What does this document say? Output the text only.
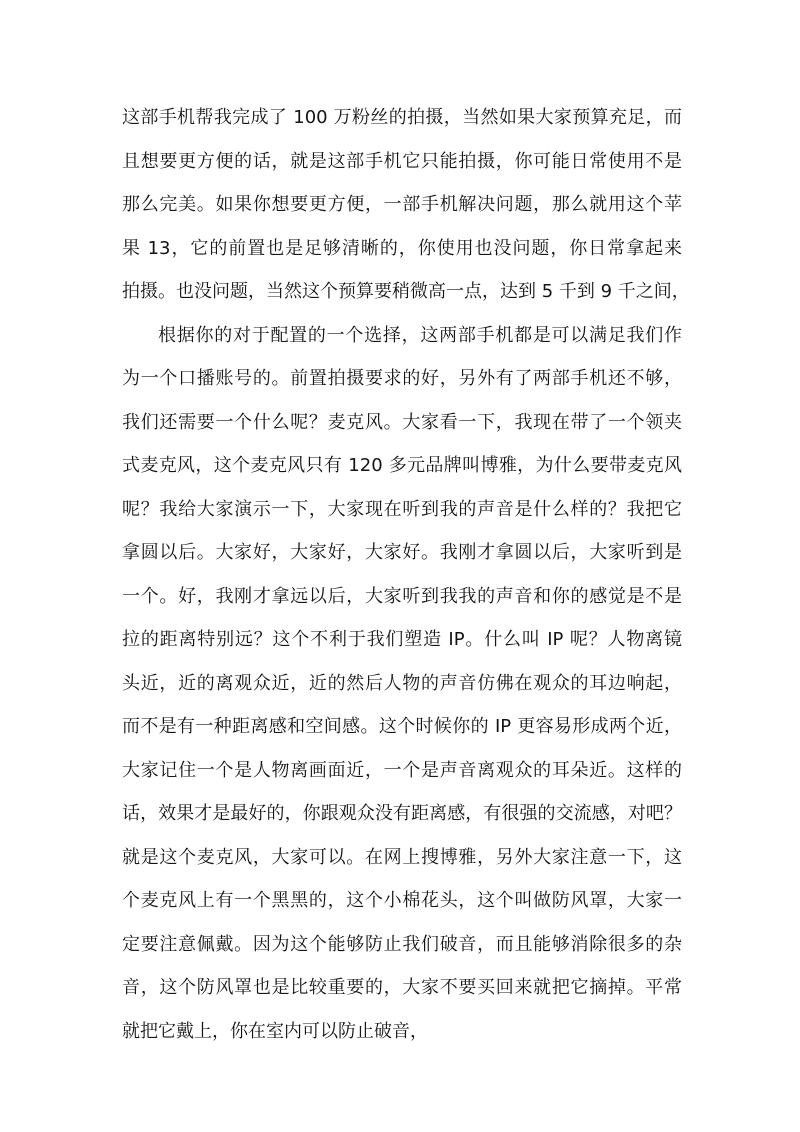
这部手机帮我完成了 100 万粉丝的拍摄，当然如果大家预算充足，而
且想要更方便的话，就是这部手机它只能拍摄，你可能日常使用不是
那么完美。如果你想要更方便，一部手机解决问题，那么就用这个苹
果 13，它的前置也是足够清晰的，你使用也没问题，你日常拿起来
拍摄。也没问题，当然这个预算要稍微高一点，达到 5 千到 9 千之间，
根据你的对于配置的一个选择，这两部手机都是可以满足我们作
为一个口播账号的。前置拍摄要求的好，另外有了两部手机还不够，
我们还需要一个什么呢？麦克风。大家看一下，我现在带了一个领夹
式麦克风，这个麦克风只有 120 多元品牌叫博雅，为什么要带麦克风
呢？我给大家演示一下，大家现在听到我的声音是什么样的？我把它
拿圆以后。大家好，大家好，大家好。我刚才拿圆以后，大家听到是
一个。好，我刚才拿远以后，大家听到我我的声音和你的感觉是不是
拉的距离特别远？这个不利于我们塑造 IP。什么叫 IP 呢？人物离镜
头近，近的离观众近，近的然后人物的声音仿佛在观众的耳边响起，
而不是有一种距离感和空间感。这个时候你的 IP 更容易形成两个近，
大家记住一个是人物离画面近，一个是声音离观众的耳朵近。这样的
话，效果才是最好的，你跟观众没有距离感，有很强的交流感，对吧？
就是这个麦克风，大家可以。在网上搜博雅，另外大家注意一下，这
个麦克风上有一个黑黑的，这个小棉花头，这个叫做防风罩，大家一
定要注意佩戴。因为这个能够防止我们破音，而且能够消除很多的杂
音，这个防风罩也是比较重要的，大家不要买回来就把它摘掉。平常
就把它戴上，你在室内可以防止破音，
